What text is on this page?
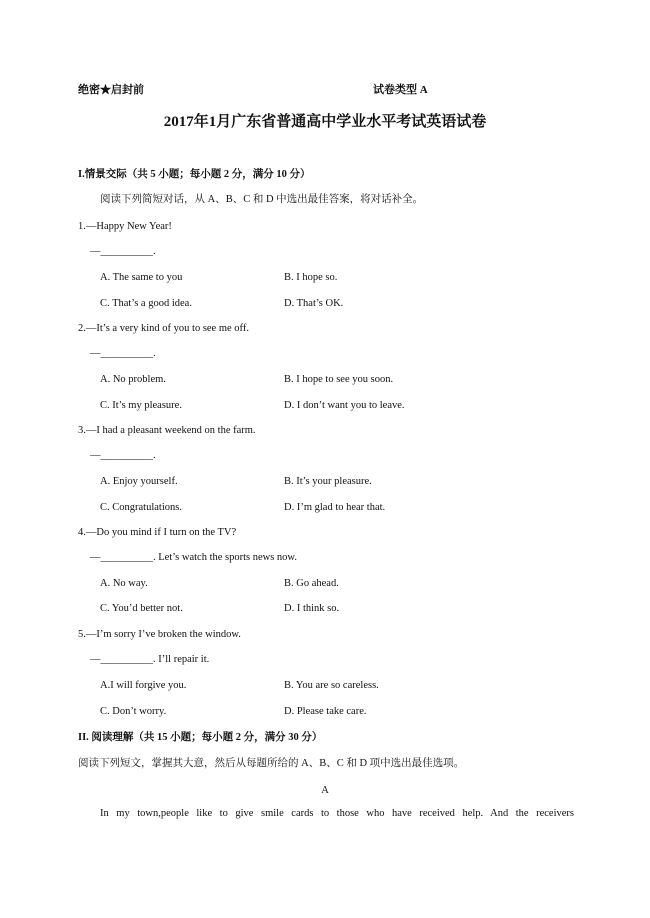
绝密★启封前	试卷类型 A
2017年1月广东省普通高中学业水平考试英语试卷
I.情景交际（共 5 小题；每小题 2 分，满分 10 分）
阅读下列简短对话，从 A、B、C 和 D 中选出最佳答案，将对话补全。
1.—Happy New Year!
—__________.
A. The same to you	B. I hope so.
C. That’s a good idea.	D. That’s OK.
2.—It’s a very kind of you to see me off.
—__________.
A. No problem.	B. I hope to see you soon.
C. It’s my pleasure.	D. I don’t want you to leave.
3.—I had a pleasant weekend on the farm.
—__________.
A. Enjoy yourself.	B. It’s your pleasure.
C. Congratulations.	D. I’m glad to hear that.
4.—Do you mind if I turn on the TV?
—__________. Let’s watch the sports news now.
A. No way.	B. Go ahead.
C. You’d better not.	D. I think so.
5.—I’m sorry I’ve broken the window.
—__________. I’ll repair it.
A.I will forgive you.	B. You are so careless.
C. Don’t worry.	D. Please take care.
II. 阅读理解（共 15 小题；每小题 2 分，满分 30 分）
阅读下列短文，掌握其大意，然后从每题所给的 A、B、C 和 D 项中选出最佳选项。
A
In my town,people like to give smile cards to those who have received help. And the receivers
